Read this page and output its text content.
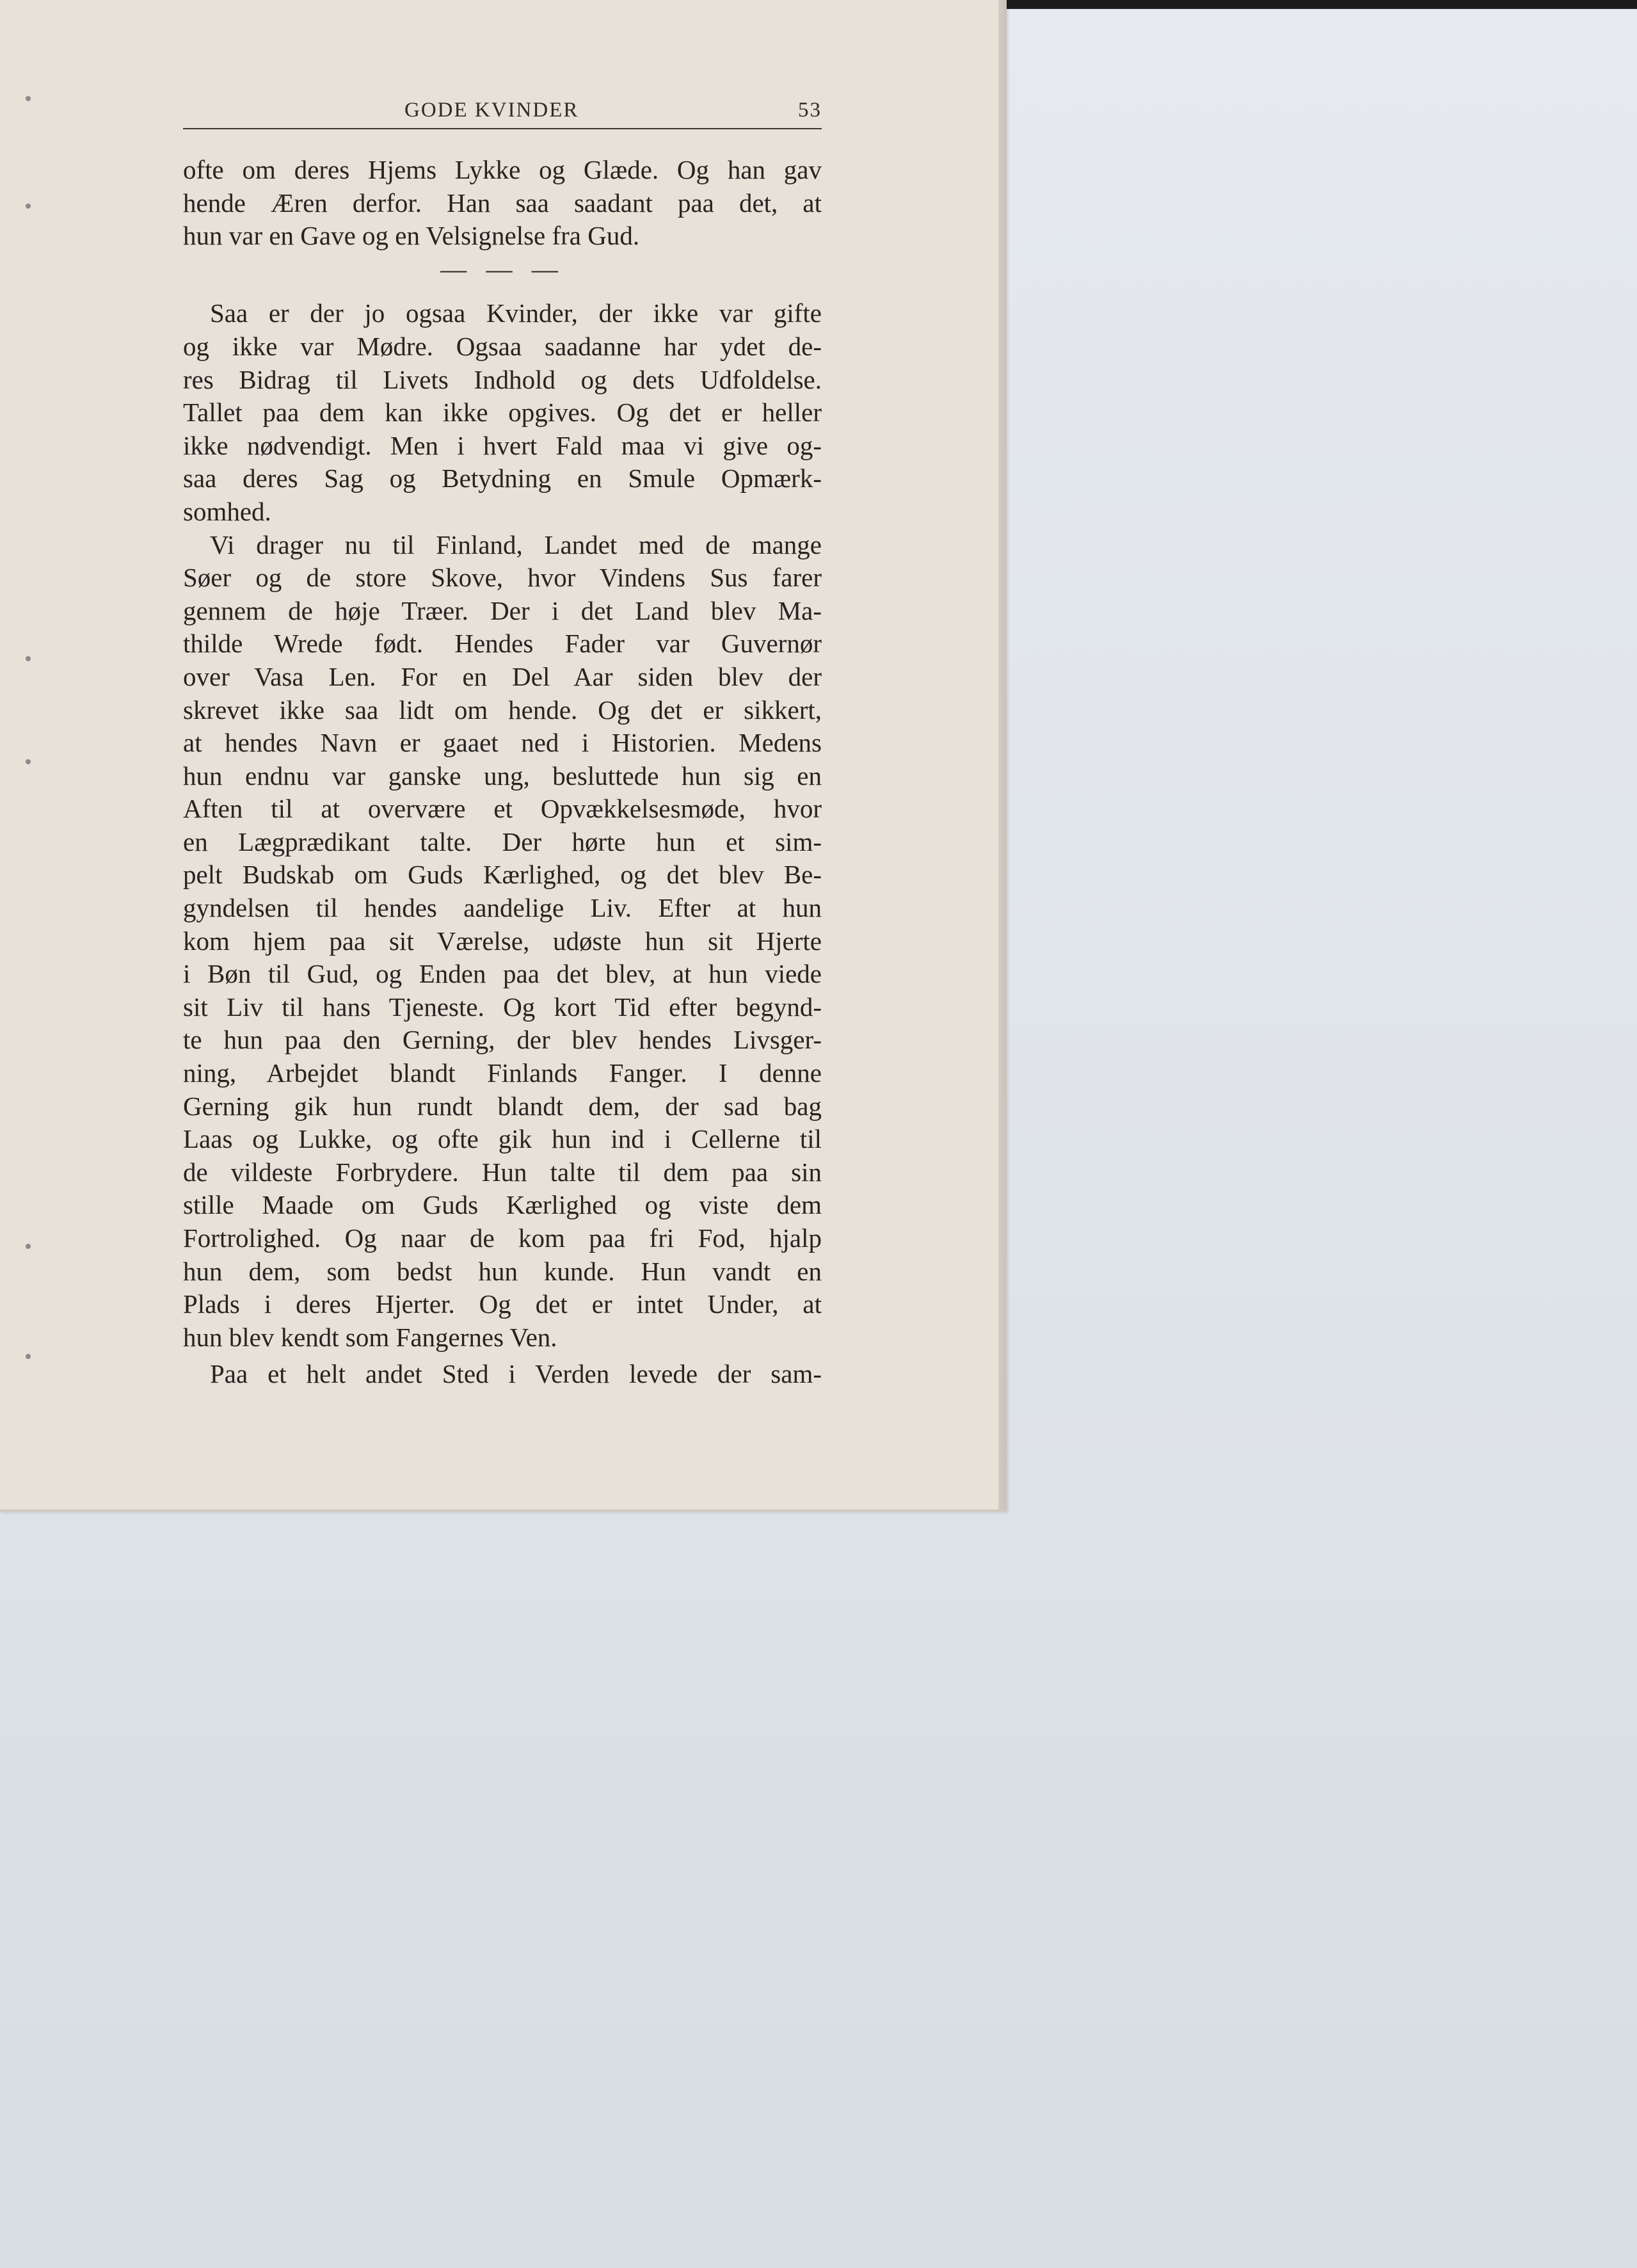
GODE KVINDER	53
ofte om deres Hjems Lykke og Glæde. Og han gav
hende Æren derfor. Han saa saadant paa det, at
hun var en Gave og en Velsignelse fra Gud.
— — —
Saa er der jo ogsaa Kvinder, der ikke var gifte
og ikke var Mødre. Ogsaa saadanne har ydet de-
res Bidrag til Livets Indhold og dets Udfoldelse.
Tallet paa dem kan ikke opgives. Og det er heller
ikke nødvendigt. Men i hvert Fald maa vi give og-
saa deres Sag og Betydning en Smule Opmærk-
somhed.
Vi drager nu til Finland, Landet med de mange
Søer og de store Skove, hvor Vindens Sus farer
gennem de høje Træer. Der i det Land blev Ma-
thilde Wrede født. Hendes Fader var Guvernør
over Vasa Len. For en Del Aar siden blev der
skrevet ikke saa lidt om hende. Og det er sikkert,
at hendes Navn er gaaet ned i Historien. Medens
hun endnu var ganske ung, besluttede hun sig en
Aften til at overvære et Opvækkelsesmøde, hvor
en Lægprædikant talte. Der hørte hun et sim-
pelt Budskab om Guds Kærlighed, og det blev Be-
gyndelsen til hendes aandelige Liv. Efter at hun
kom hjem paa sit Værelse, udøste hun sit Hjerte
i Bøn til Gud, og Enden paa det blev, at hun viede
sit Liv til hans Tjeneste. Og kort Tid efter begynd-
te hun paa den Gerning, der blev hendes Livsger-
ning, Arbejdet blandt Finlands Fanger. I denne
Gerning gik hun rundt blandt dem, der sad bag
Laas og Lukke, og ofte gik hun ind i Cellerne til
de vildeste Forbrydere. Hun talte til dem paa sin
stille Maade om Guds Kærlighed og viste dem
Fortrolighed. Og naar de kom paa fri Fod, hjalp
hun dem, som bedst hun kunde. Hun vandt en
Plads i deres Hjerter. Og det er intet Under, at
hun blev kendt som Fangernes Ven.
Paa et helt andet Sted i Verden levede der sam-
